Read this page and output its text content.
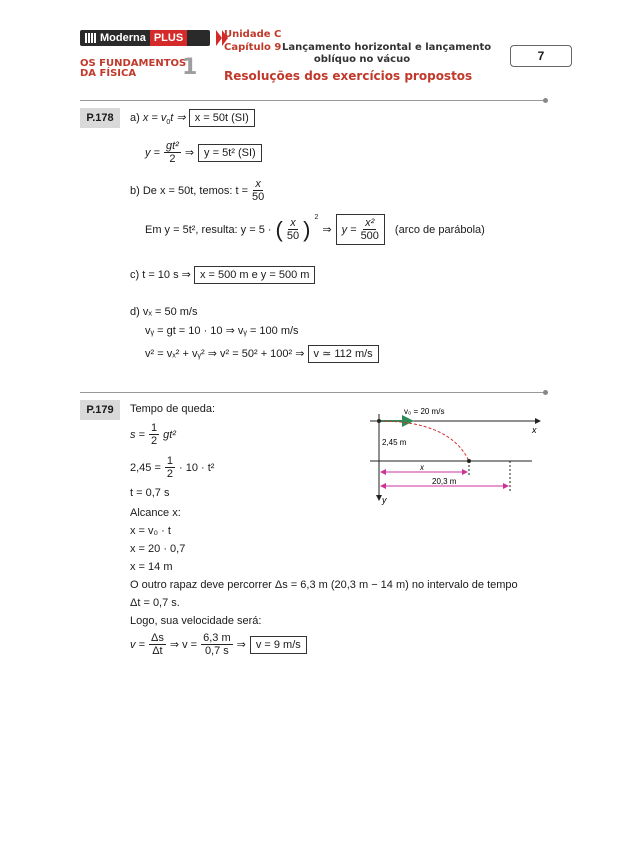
Moderna PLUS
OS FUNDAMENTOS
DA FÍSICA	1
Unidade C
Capítulo 9 Lançamento horizontal e lançamento
oblíquo no vácuo
Resoluções dos exercícios propostos
7
P.178	a) $x = v_0t$ ⇒ x = 50t (SI)
$y = \frac{\text{gt²}}{2}$ ⇒ y = 5t² (SI)
b) De x = 50t, temos: $t = \frac{x}{50}$
Em y = 5t², resulta: y = 5 · ( $\frac{x}{50}$ ) $^2$
⇒ $y = \frac{\text{x²}}{500}$ (arco de parábola)
c) t = 10 s ⇒ x = 500 m e y = 500 m
d) vₓ = 50 m/s
vᵧ = gt = 10 · 10 ⇒ vᵧ = 100 m/s
v² = vₓ² + vᵧ² ⇒ v² = 50² + 100² ⇒ v ≃ 112 m/s
P.179	Tempo de queda:
$s = \frac{1}{2} gt^2$
$2,45 = \frac{1}{2} \cdot 10 \cdot t^2$
t = 0,7 s
Alcance x:
x = v₀ · t
x = 20 · 0,7
x = 14 m
O outro rapaz deve percorrer Δs = 6,3 m (20,3 m − 14 m) no intervalo de tempo
Δt = 0,7 s.
Logo, sua velocidade será:
$v = \frac{\Delta s}{\Delta t}$ ⇒ $v = \frac{6,3 m}{0,7 s}$ ⇒ v = 9 m/s
v₀ = 20 m/s
x
y
2,45 m
x
20,3 m
